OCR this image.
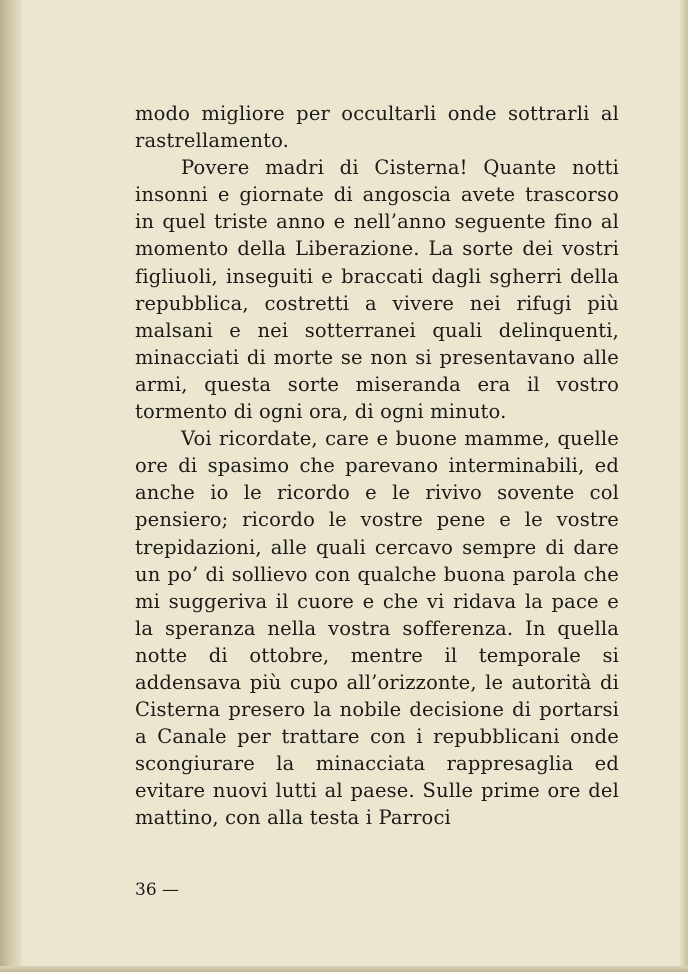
modo migliore per occultarli onde sottrarli al rastrellamento.

Povere madri di Cisterna! Quante notti insonni e giornate di angoscia avete trascorso in quel triste anno e nell’anno seguente fino al momento della Liberazione. La sorte dei vostri figliuoli, inseguiti e braccati dagli sgherri della repubblica, costretti a vivere nei rifugi più malsani e nei sotterranei quali delinquenti, minacciati di morte se non si presentavano alle armi, questa sorte miseranda era il vostro tormento di ogni ora, di ogni minuto.

Voi ricordate, care e buone mamme, quelle ore di spasimo che parevano interminabili, ed anche io le ricordo e le rivivo sovente col pensiero; ricordo le vostre pene e le vostre trepidazioni, alle quali cercavo sempre di dare un po’ di sollievo con qualche buona parola che mi suggeriva il cuore e che vi ridava la pace e la speranza nella vostra sofferenza. In quella notte di ottobre, mentre il temporale si addensava più cupo all’orizzonte, le autorità di Cisterna presero la nobile decisione di portarsi a Canale per trattare con i repubblicani onde scongiurare la minacciata rappresaglia ed evitare nuovi lutti al paese. Sulle prime ore del mattino, con alla testa i Parroci

36 —
